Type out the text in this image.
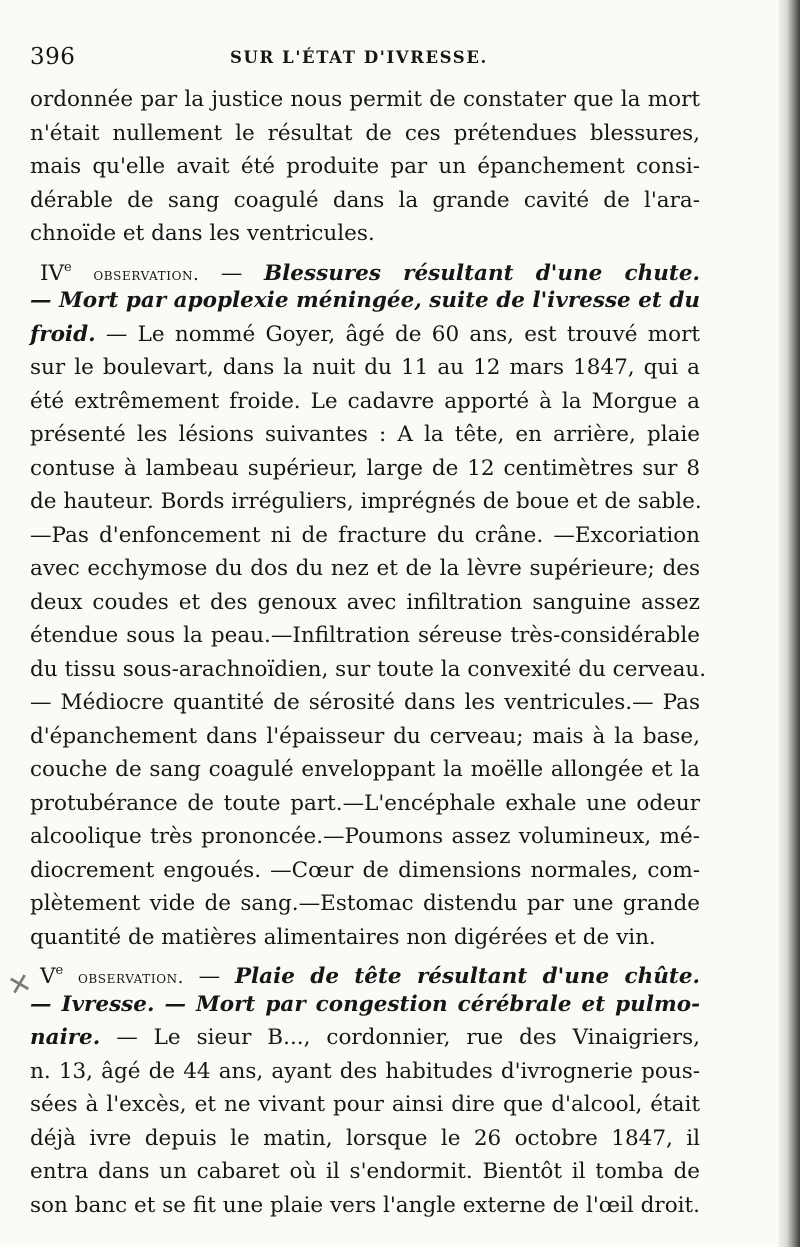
✕
396	SUR L'ÉTAT D'IVRESSE.
ordonnée par la justice nous permit de constater que la mort
n'était nullement le résultat de ces prétendues blessures,
mais qu'elle avait été produite par un épanchement consi-
dérable de sang coagulé dans la grande cavité de l'ara-
chnoïde et dans les ventricules.
IVe observation. — Blessures résultant d'une chute.
— Mort par apoplexie méningée, suite de l'ivresse et du
froid. — Le nommé Goyer, âgé de 60 ans, est trouvé mort
sur le boulevart, dans la nuit du 11 au 12 mars 1847, qui a
été extrêmement froide. Le cadavre apporté à la Morgue a
présenté les lésions suivantes : A la tête, en arrière, plaie
contuse à lambeau supérieur, large de 12 centimètres sur 8
de hauteur. Bords irréguliers, imprégnés de boue et de sable.
—Pas d'enfoncement ni de fracture du crâne. —Excoriation
avec ecchymose du dos du nez et de la lèvre supérieure; des
deux coudes et des genoux avec infiltration sanguine assez
étendue sous la peau.—Infiltration séreuse très-considérable
du tissu sous-arachnoïdien, sur toute la convexité du cerveau.
— Médiocre quantité de sérosité dans les ventricules.— Pas
d'épanchement dans l'épaisseur du cerveau; mais à la base,
couche de sang coagulé enveloppant la moëlle allongée et la
protubérance de toute part.—L'encéphale exhale une odeur
alcoolique très prononcée.—Poumons assez volumineux, mé-
diocrement engoués. —Cœur de dimensions normales, com-
plètement vide de sang.—Estomac distendu par une grande
quantité de matières alimentaires non digérées et de vin.
Ve observation. — Plaie de tête résultant d'une chûte.
— Ivresse. — Mort par congestion cérébrale et pulmo-
naire. — Le sieur B..., cordonnier, rue des Vinaigriers,
n. 13, âgé de 44 ans, ayant des habitudes d'ivrognerie pous-
sées à l'excès, et ne vivant pour ainsi dire que d'alcool, était
déjà ivre depuis le matin, lorsque le 26 octobre 1847, il
entra dans un cabaret où il s'endormit. Bientôt il tomba de
son banc et se fit une plaie vers l'angle externe de l'œil droit.
